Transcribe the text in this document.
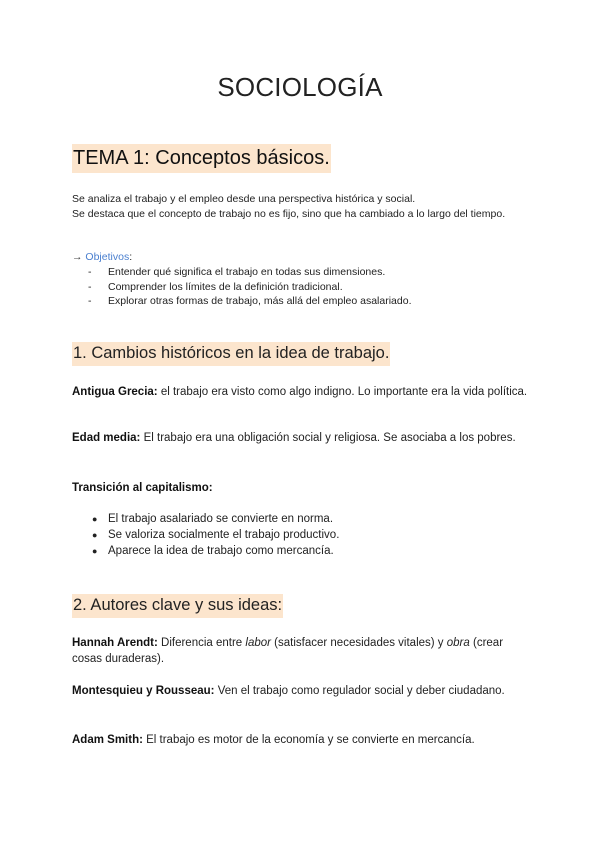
SOCIOLOGÍA
TEMA 1: Conceptos básicos.

Se analiza el trabajo y el empleo desde una perspectiva histórica y social.

Se destaca que el concepto de trabajo no es fijo, sino que ha cambiado a lo largo del tiempo.

→ Objetivos:
- Entender qué significa el trabajo en todas sus dimensiones.
- Comprender los límites de la definición tradicional.
- Explorar otras formas de trabajo, más allá del empleo asalariado.
1. Cambios históricos en la idea de trabajo.

Antigua Grecia: el trabajo era visto como algo indigno. Lo importante era la vida política.

Edad media: El trabajo era una obligación social y religiosa. Se asociaba a los pobres.

Transición al capitalismo:

● El trabajo asalariado se convierte en norma.
● Se valoriza socialmente el trabajo productivo.
● Aparece la idea de trabajo como mercancía.
2. Autores clave y sus ideas:

Hannah Arendt: Diferencia entre labor (satisfacer necesidades vitales) y obra (crear cosas duraderas).

Montesquieu y Rousseau: Ven el trabajo como regulador social y deber ciudadano.

Adam Smith: El trabajo es motor de la economía y se convierte en mercancía.
